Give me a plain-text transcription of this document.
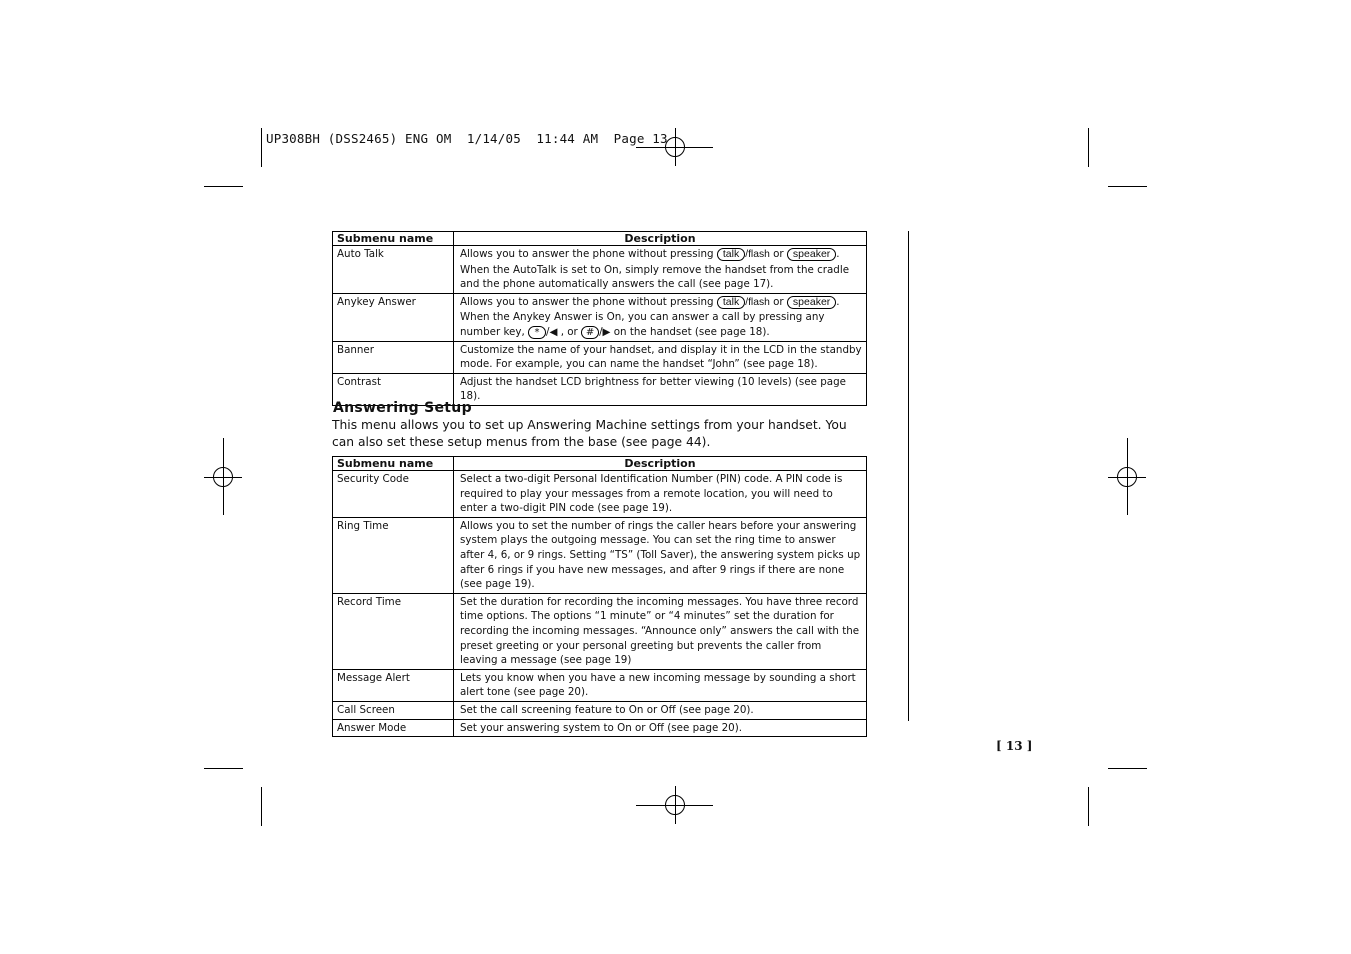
UP308BH (DSS2465) ENG OM  1/14/05  11:44 AM  Page 13
Submenu name	Description
Auto Talk	Allows you to answer the phone without pressing talk /flash or speaker . When the AutoTalk is set to On, simply remove the handset from the cradle and the phone automatically answers the call (see page 17).
Anykey Answer	Allows you to answer the phone without pressing talk /flash or speaker . When the Anykey Answer is On, you can answer a call by pressing any number key, * /◀ , or # /▶ on the handset (see page 18).
Banner	Customize the name of your handset, and display it in the LCD in the standby mode. For example, you can name the handset “John” (see page 18).
Contrast	Adjust the handset LCD brightness for better viewing (10 levels) (see page 18).
Answering Setup
This menu allows you to set up Answering Machine settings from your handset. You can also set these setup menus from the base (see page 44).
Submenu name	Description
Security Code	Select a two-digit Personal Identification Number (PIN) code. A PIN code is required to play your messages from a remote location, you will need to enter a two-digit PIN code (see page 19).
Ring Time	Allows you to set the number of rings the caller hears before your answering system plays the outgoing message. You can set the ring time to answer after 4, 6, or 9 rings. Setting “TS” (Toll Saver), the answering system picks up after 6 rings if you have new messages, and after 9 rings if there are none (see page 19).
Record Time	Set the duration for recording the incoming messages. You have three record time options. The options “1 minute” or “4 minutes” set the duration for recording the incoming messages. “Announce only” answers the call with the preset greeting or your personal greeting but prevents the caller from leaving a message (see page 19)
Message Alert	Lets you know when you have a new incoming message by sounding a short alert tone (see page 20).
Call Screen	Set the call screening feature to On or Off (see page 20).
Answer Mode	Set your answering system to On or Off (see page 20).
[ 13 ]
